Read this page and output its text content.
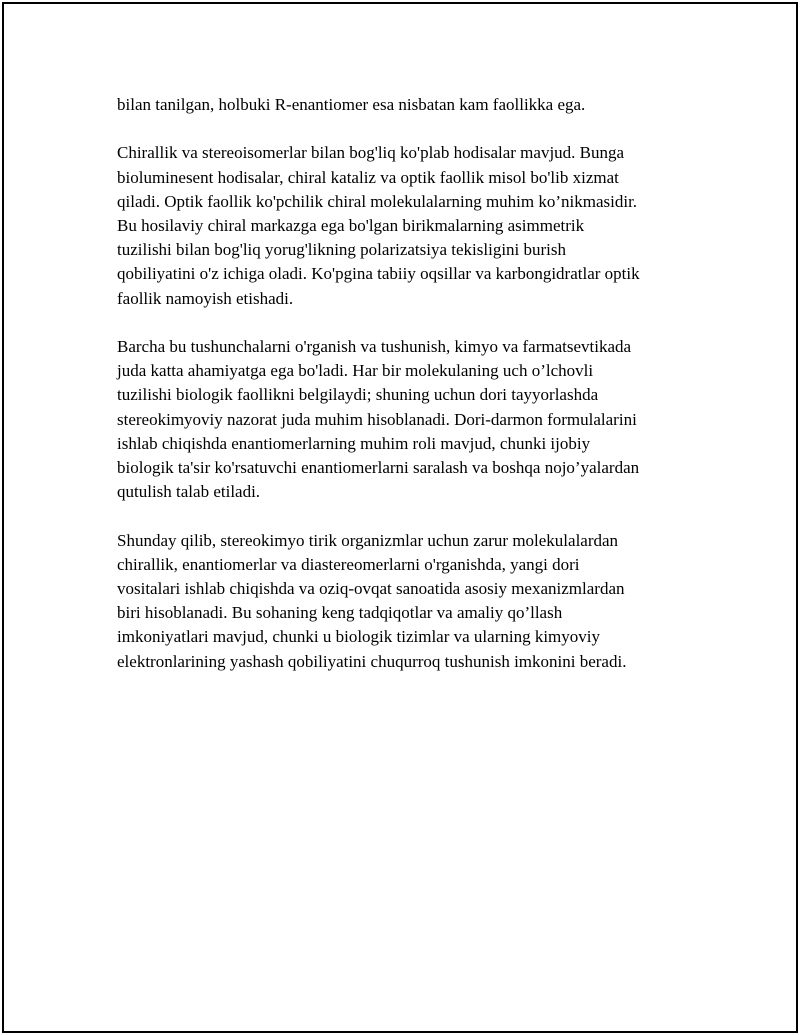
bilan tanilgan, holbuki R-enantiomer esa nisbatan kam faollikka ega.

Chirallik va stereoisomerlar bilan bog'liq ko'plab hodisalar mavjud. Bunga
bioluminesent hodisalar, chiral kataliz va optik faollik misol bo'lib xizmat
qiladi. Optik faollik ko'pchilik chiral molekulalarning muhim ko’nikmasidir.
Bu hosilaviy chiral markazga ega bo'lgan birikmalarning asimmetrik
tuzilishi bilan bog'liq yorug'likning polarizatsiya tekisligini burish
qobiliyatini o'z ichiga oladi. Ko'pgina tabiiy oqsillar va karbongidratlar optik
faollik namoyish etishadi.

Barcha bu tushunchalarni o'rganish va tushunish, kimyo va farmatsevtikada
juda katta ahamiyatga ega bo'ladi. Har bir molekulaning uch o’lchovli
tuzilishi biologik faollikni belgilaydi; shuning uchun dori tayyorlashda
stereokimyoviy nazorat juda muhim hisoblanadi. Dori-darmon formulalarini
ishlab chiqishda enantiomerlarning muhim roli mavjud, chunki ijobiy
biologik ta'sir ko'rsatuvchi enantiomerlarni saralash va boshqa nojo’yalardan
qutulish talab etiladi.

Shunday qilib, stereokimyo tirik organizmlar uchun zarur molekulalardan
chirallik, enantiomerlar va diastereomerlarni o'rganishda, yangi dori
vositalari ishlab chiqishda va oziq-ovqat sanoatida asosiy mexanizmlardan
biri hisoblanadi. Bu sohaning keng tadqiqotlar va amaliy qo’llash
imkoniyatlari mavjud, chunki u biologik tizimlar va ularning kimyoviy
elektronlarining yashash qobiliyatini chuqurroq tushunish imkonini beradi.
